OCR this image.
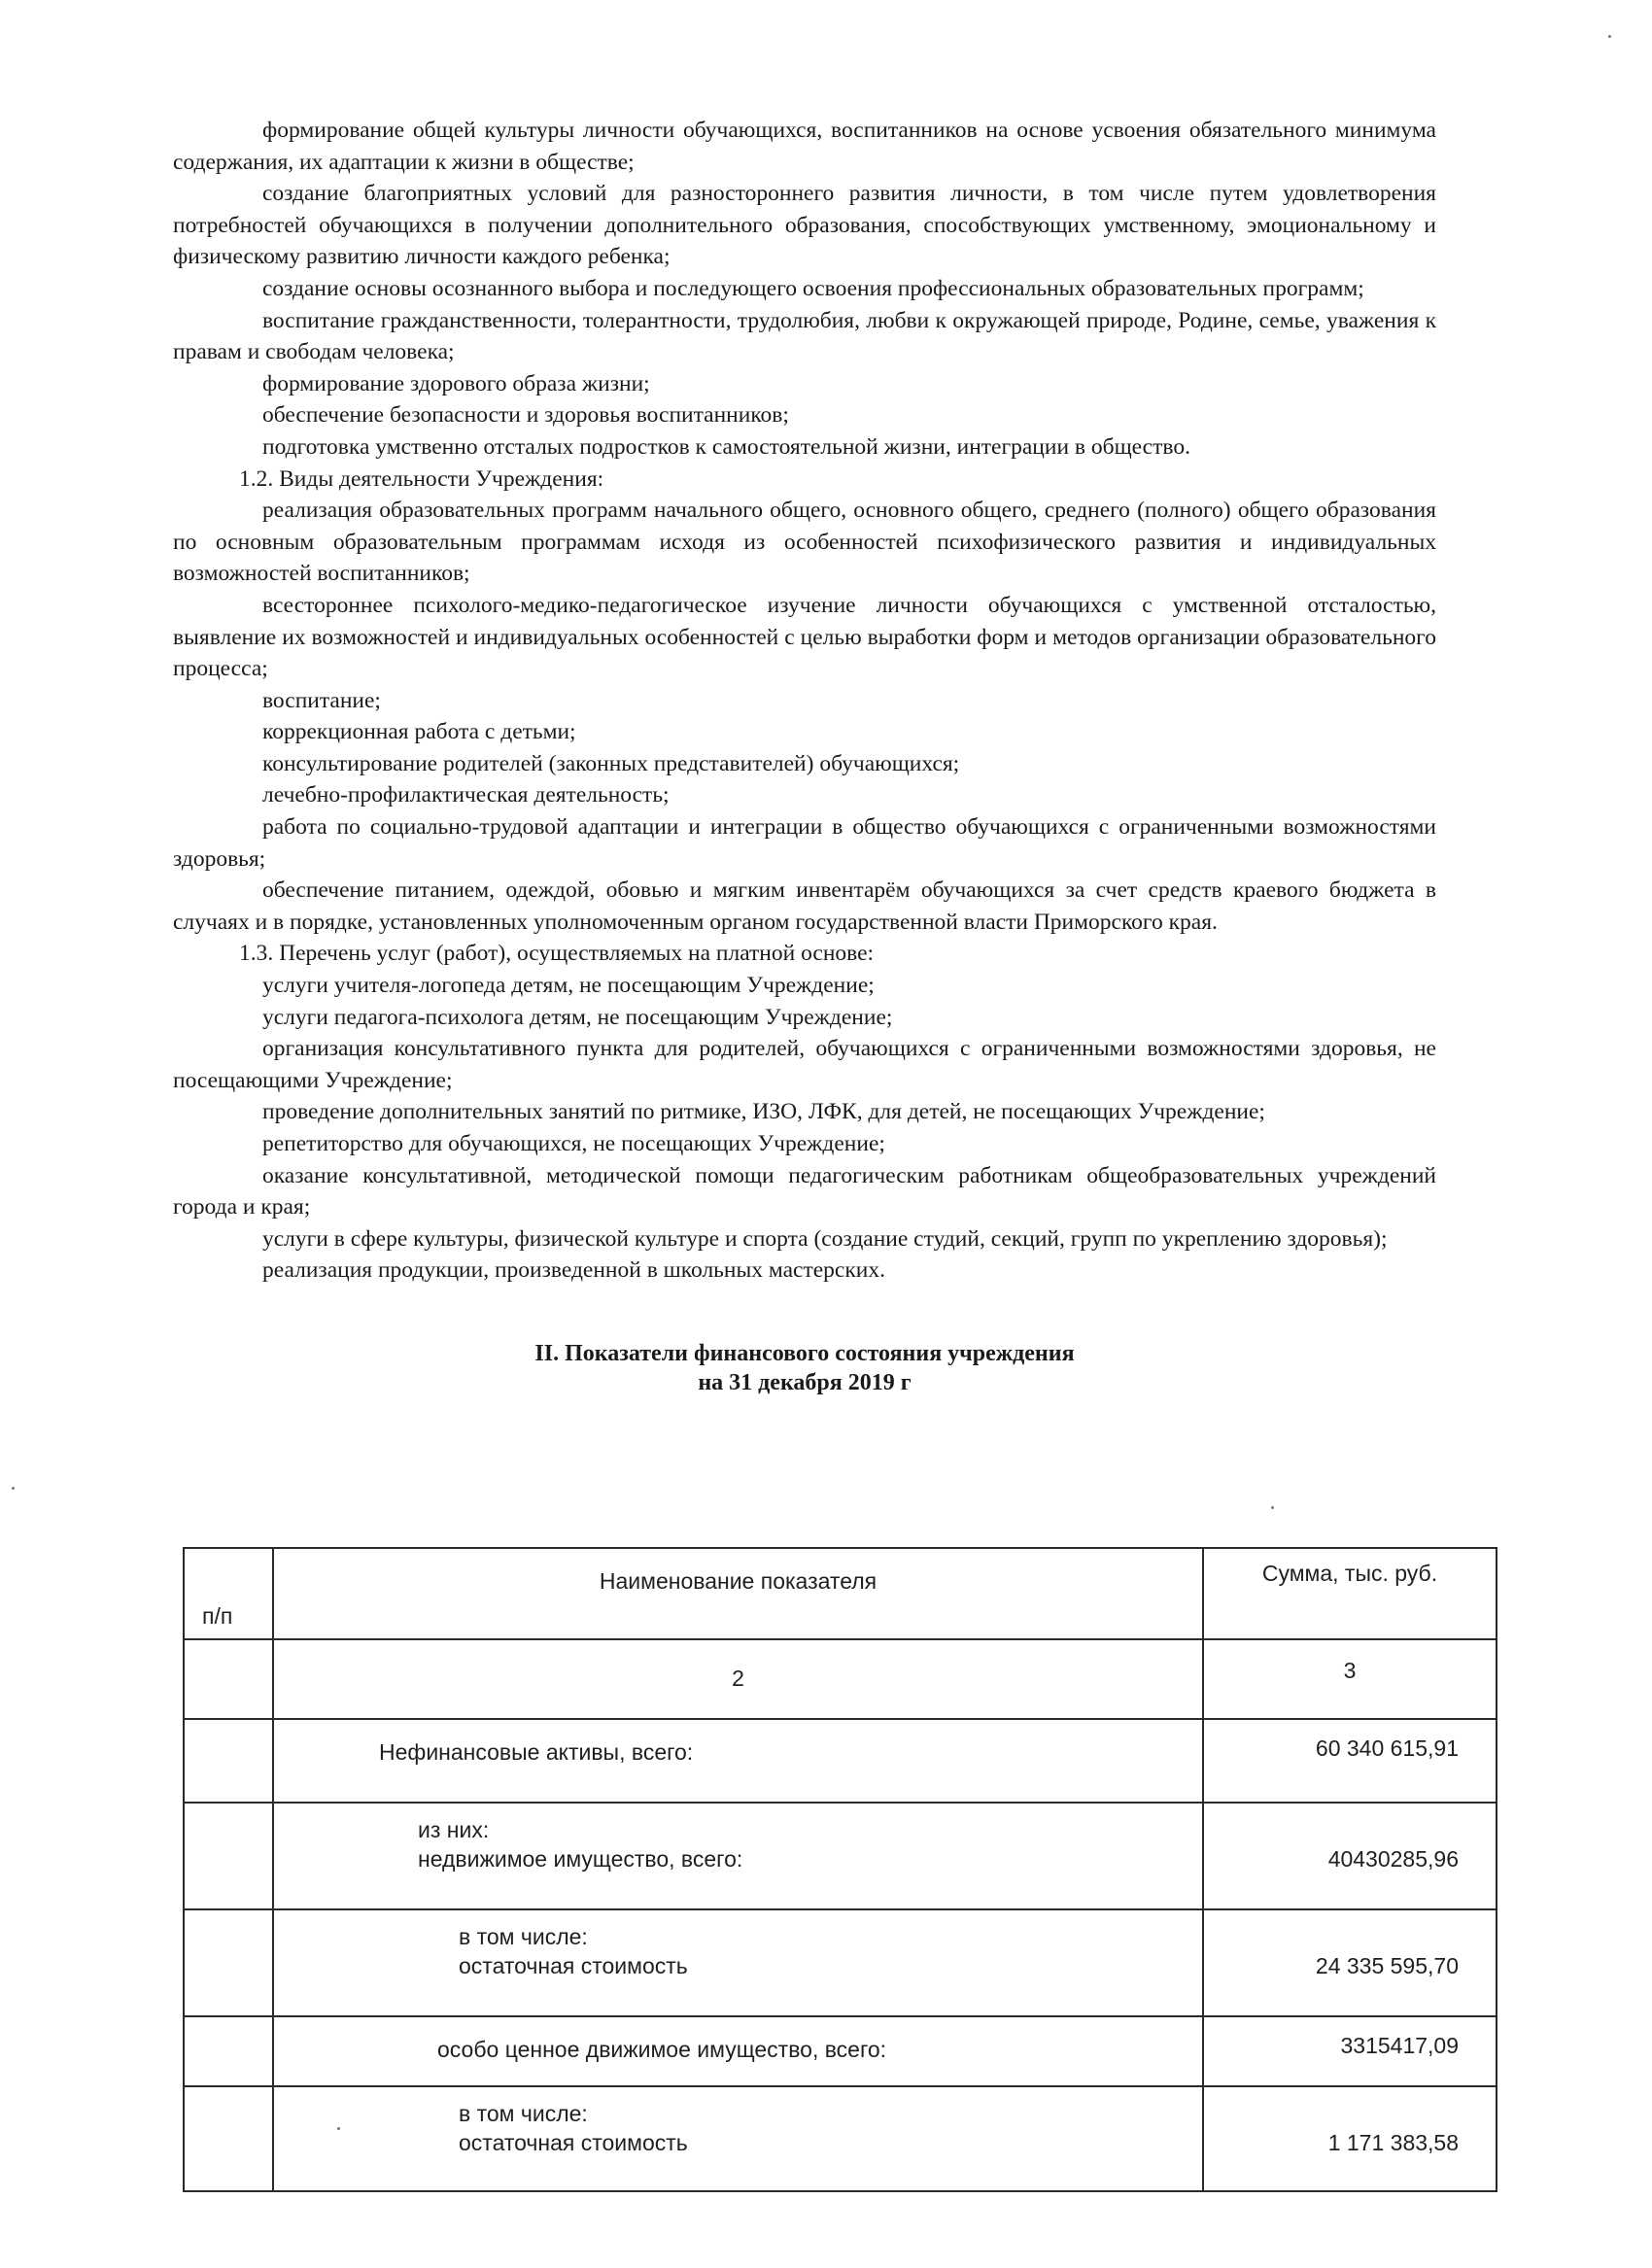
формирование общей культуры личности обучающихся, воспитанников на основе усвоения обязательного минимума содержания, их адаптации к жизни в обществе;

создание благоприятных условий для разностороннего развития личности, в том числе путем удовлетворения потребностей обучающихся в получении дополнительного образования, способствующих умственному, эмоциональному и физическому развитию личности каждого ребенка;

создание основы осознанного выбора и последующего освоения профессиональных образовательных программ;

воспитание гражданственности, толерантности, трудолюбия, любви к окружающей природе, Родине, семье, уважения к правам и свободам человека;

формирование здорового образа жизни;

обеспечение безопасности и здоровья воспитанников;

подготовка умственно отсталых подростков к самостоятельной жизни, интеграции в общество.

1.2. Виды деятельности Учреждения:

реализация образовательных программ начального общего, основного общего, среднего (полного) общего образования по основным образовательным программам исходя из особенностей психофизического развития и индивидуальных возможностей воспитанников;

всестороннее психолого-медико-педагогическое изучение личности обучающихся с умственной отсталостью, выявление их возможностей и индивидуальных особенностей с целью выработки форм и методов организации образовательного процесса;

воспитание;

коррекционная работа с детьми;

консультирование родителей (законных представителей) обучающихся;

лечебно-профилактическая деятельность;

работа по социально-трудовой адаптации и интеграции в общество обучающихся с ограниченными возможностями здоровья;

обеспечение питанием, одеждой, обовью и мягким инвентарём обучающихся за счет средств краевого бюджета в случаях и в порядке, установленных уполномоченным органом государственной власти Приморского края.

1.3. Перечень услуг (работ), осуществляемых на платной основе:

услуги учителя-логопеда детям, не посещающим Учреждение;

услуги педагога-психолога детям, не посещающим Учреждение;

организация консультативного пункта для родителей, обучающихся с ограниченными возможностями здоровья, не посещающими Учреждение;

проведение дополнительных занятий по ритмике, ИЗО, ЛФК, для детей, не посещающих Учреждение;

репетиторство для обучающихся, не посещающих Учреждение;

оказание консультативной, методической помощи педагогическим работникам общеобразовательных учреждений города и края;

услуги в сфере культуры, физической культуре и спорта (создание студий, секций, групп по укреплению здоровья);

реализация продукции, произведенной в школьных мастерских.

II. Показатели финансового состояния учреждения
на 31 декабря 2019 г
п/п	Наименование показателя	Сумма, тыс. руб.

	2	3

	Нефинансовые активы, всего:	60 340 615,91

	из них:
недвижимое имущество, всего:	40430285,96

	в том числе:
остаточная стоимость	24 335 595,70

	особо ценное движимое имущество, всего:	3315417,09

	в том числе:
остаточная стоимость	1 171 383,58
